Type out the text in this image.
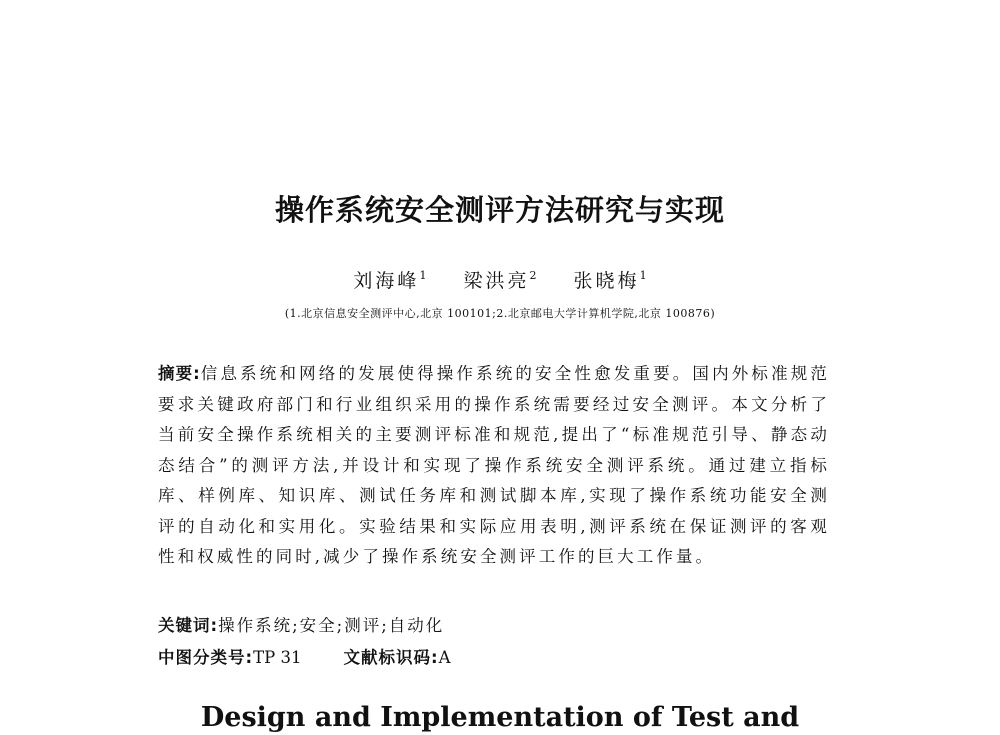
操作系统安全测评方法研究与实现
刘海峰$^1$ 梁洪亮$^2$ 张晓梅$^1$
(1.北京信息安全测评中心,北京 100101;2.北京邮电大学计算机学院,北京 100876)
摘要:信息系统和网络的发展使得操作系统的安全性愈发重要。国内外标准规范要求关键政府部门和行业组织采用的操作系统需要经过安全测评。本文分析了当前安全操作系统相关的主要测评标准和规范,提出了“标准规范引导、静态动态结合”的测评方法,并设计和实现了操作系统安全测评系统。通过建立指标库、样例库、知识库、测试任务库和测试脚本库,实现了操作系统功能安全测评的自动化和实用化。实验结果和实际应用表明,测评系统在保证测评的客观性和权威性的同时,减少了操作系统安全测评工作的巨大工作量。
关键词:操作系统;安全;测评;自动化
中图分类号:TP 31	文献标识码:A
Design and Implementation of Test and
